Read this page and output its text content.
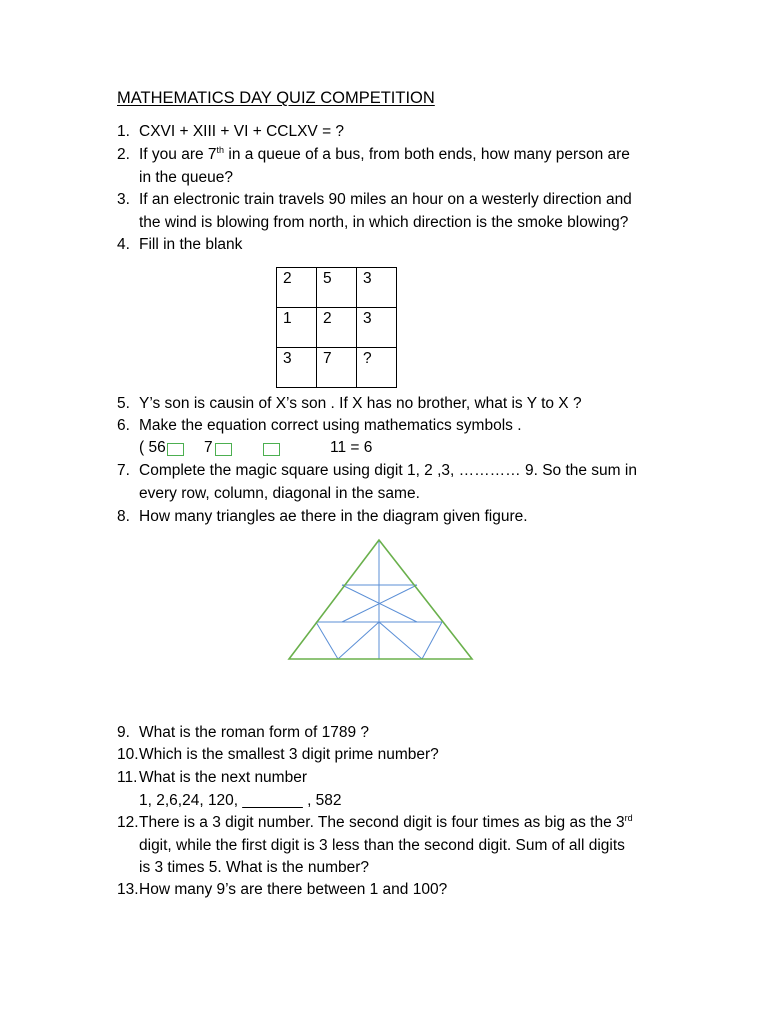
MATHEMATICS DAY QUIZ COMPETITION
1. CXVI + XIII + VI + CCLXV = ?
2. If you are 7th in a queue of a bus, from both ends, how many person are
in the queue?
3. If an electronic train travels 90 miles an hour on a westerly direction and
the wind is blowing from north, in which direction is the smoke blowing?
4. Fill in the blank
2	5	3
1	2	3
3	7	?
5. Y’s son is causin of X’s son . If X has no brother, what is Y to X ?
6. Make the equation correct using mathematics symbols .
( 56 7	11 = 6
7. Complete the magic square using digit 1, 2 ,3, ………… 9. So the sum in
every row, column, diagonal in the same.
8. How many triangles ae there in the diagram given figure.
9. What is the roman form of 1789 ?
10.Which is the smallest 3 digit prime number?
11. What is the next number
1, 2,6,24, 120, _______ , 582
12.There is a 3 digit number. The second digit is four times as big as the 3rd
digit, while the first digit is 3 less than the second digit. Sum of all digits
is 3 times 5. What is the number?
13.How many 9’s are there between 1 and 100?
